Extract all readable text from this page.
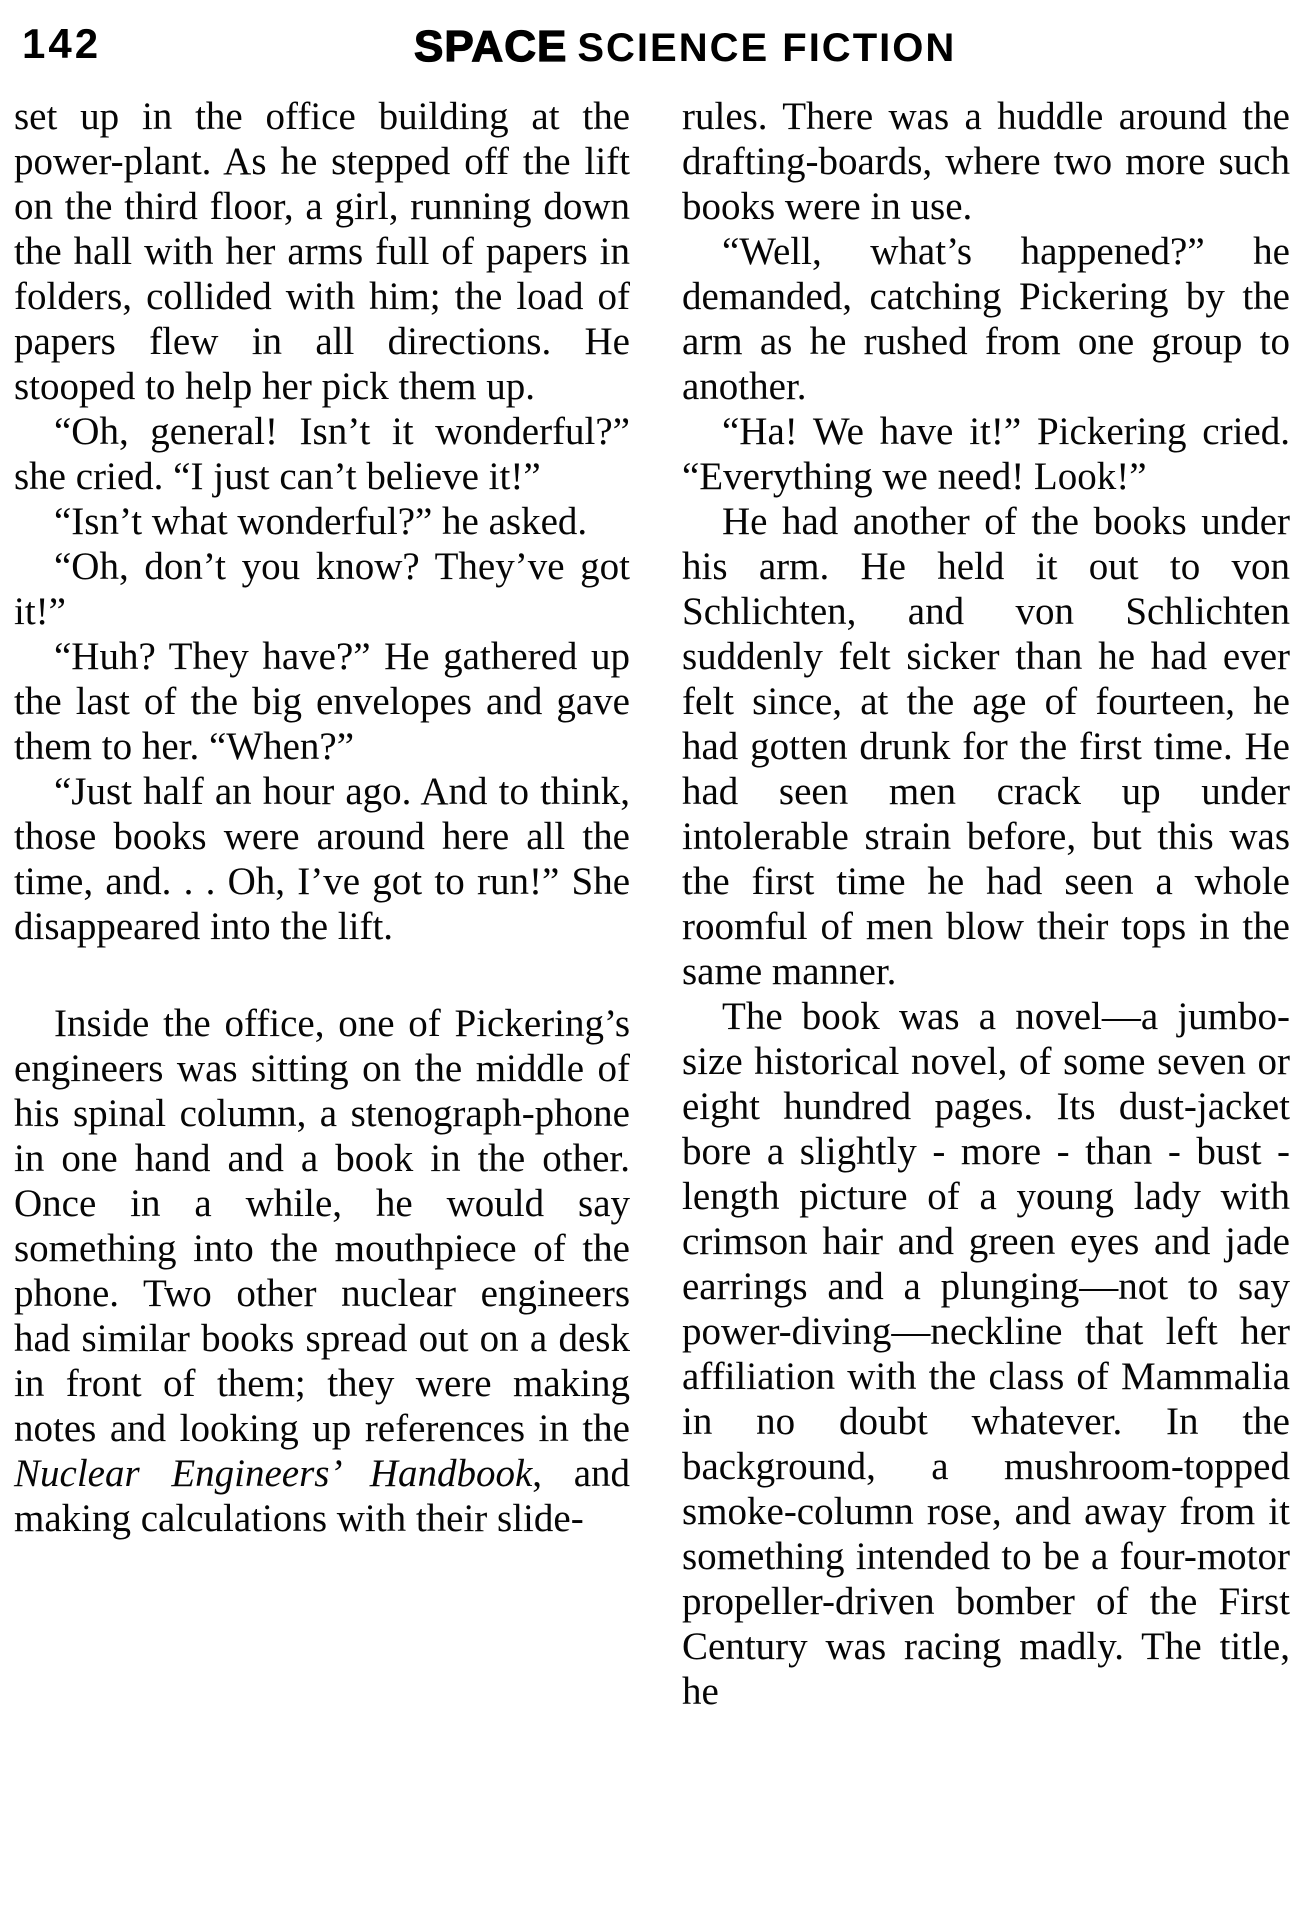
142	SPACE SCIENCE FICTION

set up in the office building at the power-plant. As he stepped off the lift on the third floor, a girl, running down the hall with her arms full of papers in folders, collided with him; the load of papers flew in all directions. He stooped to help her pick them up.

“Oh, general! Isn’t it wonderful?” she cried. “I just can’t believe it!”

“Isn’t what wonderful?” he asked.

“Oh, don’t you know? They’ve got it!”

“Huh? They have?” He gathered up the last of the big envelopes and gave them to her. “When?”

“Just half an hour ago. And to think, those books were around here all the time, and. . . Oh, I’ve got to run!” She disappeared into the lift.

Inside the office, one of Pickering’s engineers was sitting on the middle of his spinal column, a stenograph-phone in one hand and a book in the other. Once in a while, he would say something into the mouthpiece of the phone. Two other nuclear engineers had similar books spread out on a desk in front of them; they were making notes and looking up references in the Nuclear Engineers’ Handbook, and making calculations with their slide-

rules. There was a huddle around the drafting-boards, where two more such books were in use.

“Well, what’s happened?” he demanded, catching Pickering by the arm as he rushed from one group to another.

“Ha! We have it!” Pickering cried. “Everything we need! Look!”

He had another of the books under his arm. He held it out to von Schlichten, and von Schlichten suddenly felt sicker than he had ever felt since, at the age of fourteen, he had gotten drunk for the first time. He had seen men crack up under intolerable strain before, but this was the first time he had seen a whole roomful of men blow their tops in the same manner.

The book was a novel—a jumbo-size historical novel, of some seven or eight hundred pages. Its dust-jacket bore a slightly - more - than - bust - length picture of a young lady with crimson hair and green eyes and jade earrings and a plunging—not to say power-diving—neckline that left her affiliation with the class of Mammalia in no doubt whatever. In the background, a mushroom-topped smoke-column rose, and away from it something intended to be a four-motor propeller-driven bomber of the First Century was racing madly. The title, he
